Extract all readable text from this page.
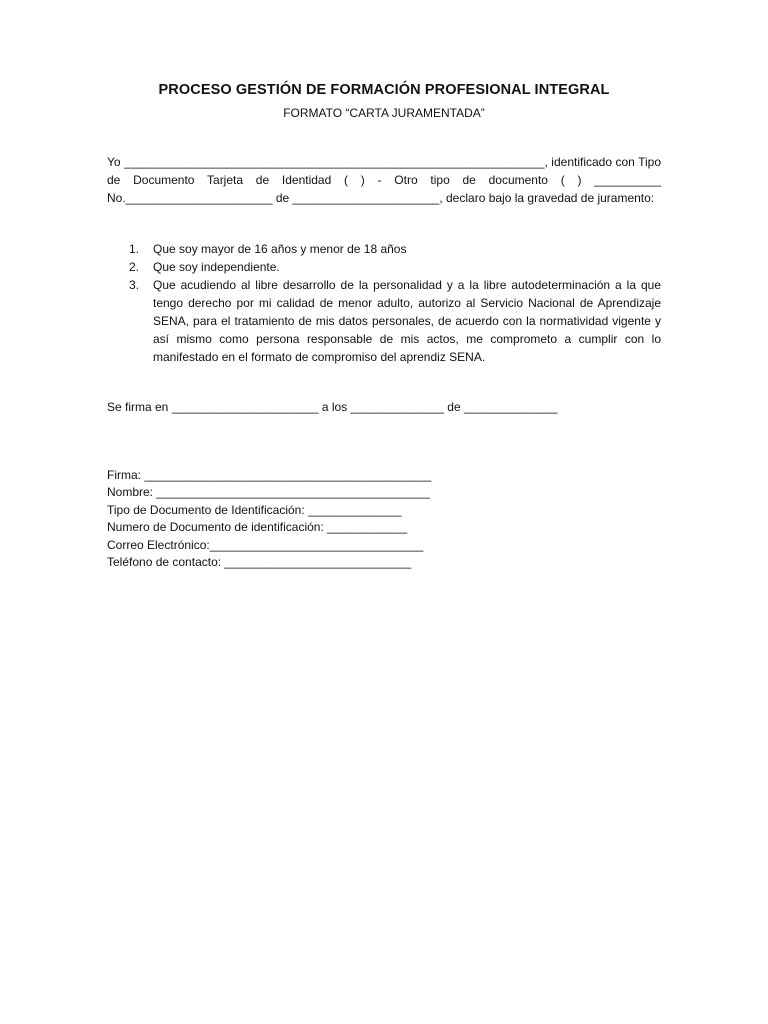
PROCESO GESTIÓN DE FORMACIÓN PROFESIONAL INTEGRAL
FORMATO “CARTA JURAMENTADA”
Yo _______________________________________________________________, identificado con Tipo de Documento Tarjeta de Identidad ( ) - Otro tipo de documento ( ) __________ No.______________________ de ______________________, declaro bajo la gravedad de juramento:
1.	Que soy mayor de 16 años y menor de 18 años
2.	Que soy independiente.
3.	Que acudiendo al libre desarrollo de la personalidad y a la libre autodeterminación a la que tengo derecho por mi calidad de menor adulto, autorizo al Servicio Nacional de Aprendizaje SENA, para el tratamiento de mis datos personales, de acuerdo con la normatividad vigente y así mismo como persona responsable de mis actos, me comprometo a cumplir con lo manifestado en el formato de compromiso del aprendiz SENA.
Se firma en ______________________ a los ______________ de ______________
Firma: ___________________________________________
Nombre: _________________________________________
Tipo de Documento de Identificación: ______________
Numero de Documento de identificación: ____________
Correo Electrónico:________________________________
Teléfono de contacto: ____________________________
